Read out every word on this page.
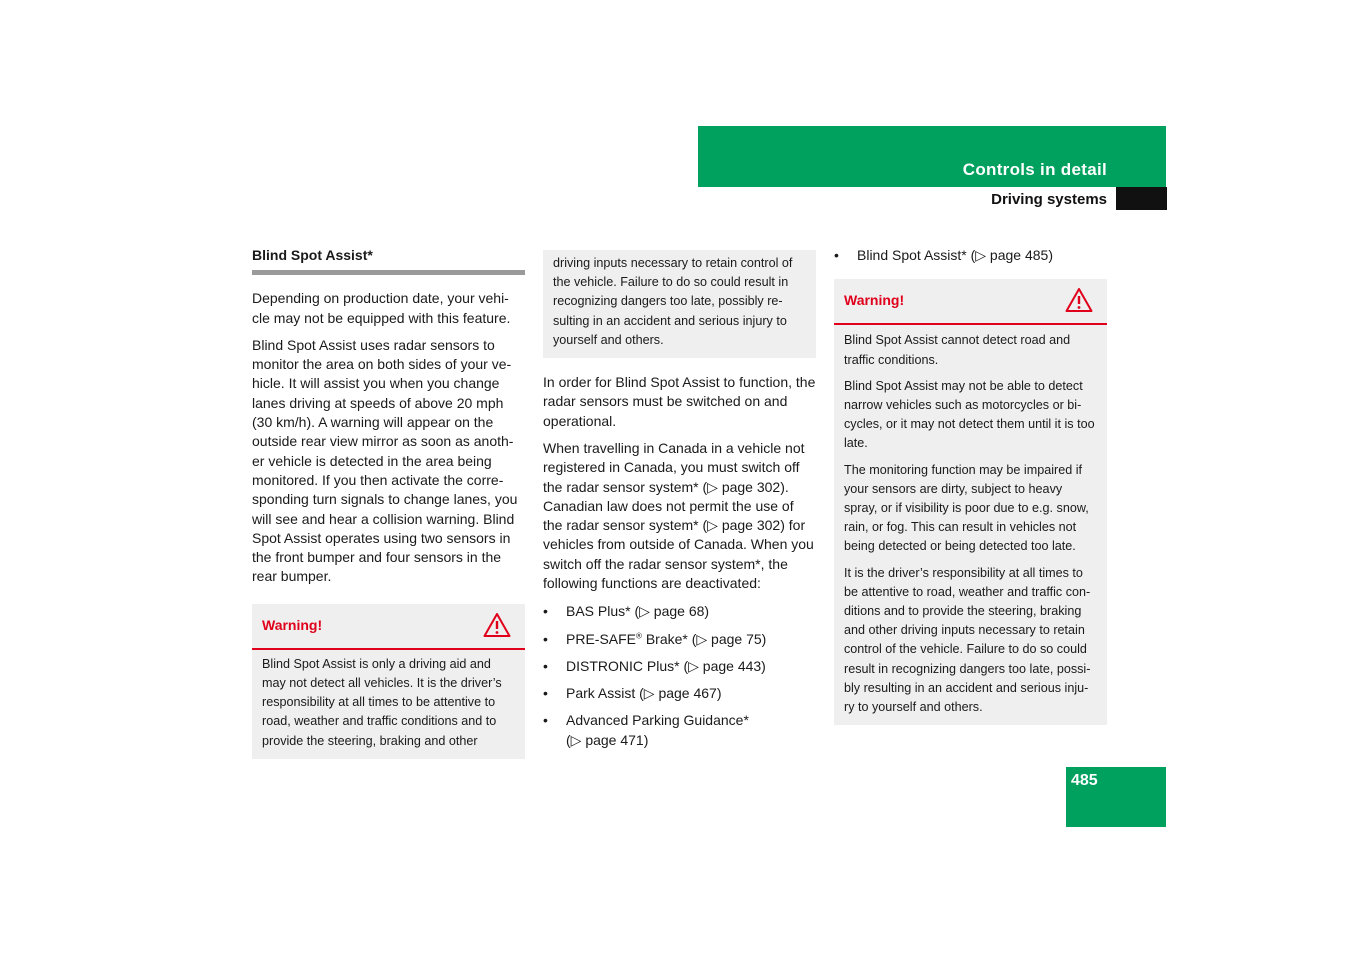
Controls in detail
Driving systems
Blind Spot Assist*

Depending on production date, your vehi-cle may not be equipped with this feature.

Blind Spot Assist uses radar sensors to monitor the area on both sides of your ve-hicle. It will assist you when you change lanes driving at speeds of above 20 mph (30 km/h). A warning will appear on the outside rear view mirror as soon as anoth-er vehicle is detected in the area being monitored. If you then activate the corre-sponding turn signals to change lanes, you will see and hear a collision warning. Blind Spot Assist operates using two sensors in the front bumper and four sensors in the rear bumper.

Warning!

Blind Spot Assist is only a driving aid and may not detect all vehicles. It is the driver’s responsibility at all times to be attentive to road, weather and traffic conditions and to provide the steering, braking and other

driving inputs necessary to retain control of the vehicle. Failure to do so could result in recognizing dangers too late, possibly re-sulting in an accident and serious injury to yourself and others.

In order for Blind Spot Assist to function, the radar sensors must be switched on and operational.

When travelling in Canada in a vehicle not registered in Canada, you must switch off the radar sensor system* (▷ page 302). Canadian law does not permit the use of the radar sensor system* (▷ page 302) for vehicles from outside of Canada. When you switch off the radar sensor system*, the following functions are deactivated:

• BAS Plus* (▷ page 68)
• PRE-SAFE® Brake* (▷ page 75)
• DISTRONIC Plus* (▷ page 443)
• Park Assist (▷ page 467)
• Advanced Parking Guidance* (▷ page 471)
• Blind Spot Assist* (▷ page 485)
Warning!

Blind Spot Assist cannot detect road and traffic conditions.

Blind Spot Assist may not be able to detect narrow vehicles such as motorcycles or bi-cycles, or it may not detect them until it is too late.

The monitoring function may be impaired if your sensors are dirty, subject to heavy spray, or if visibility is poor due to e.g. snow, rain, or fog. This can result in vehicles not being detected or being detected too late.

It is the driver’s responsibility at all times to be attentive to road, weather and traffic con-ditions and to provide the steering, braking and other driving inputs necessary to retain control of the vehicle. Failure to do so could result in recognizing dangers too late, possi-bly resulting in an accident and serious inju-ry to yourself and others.

485
